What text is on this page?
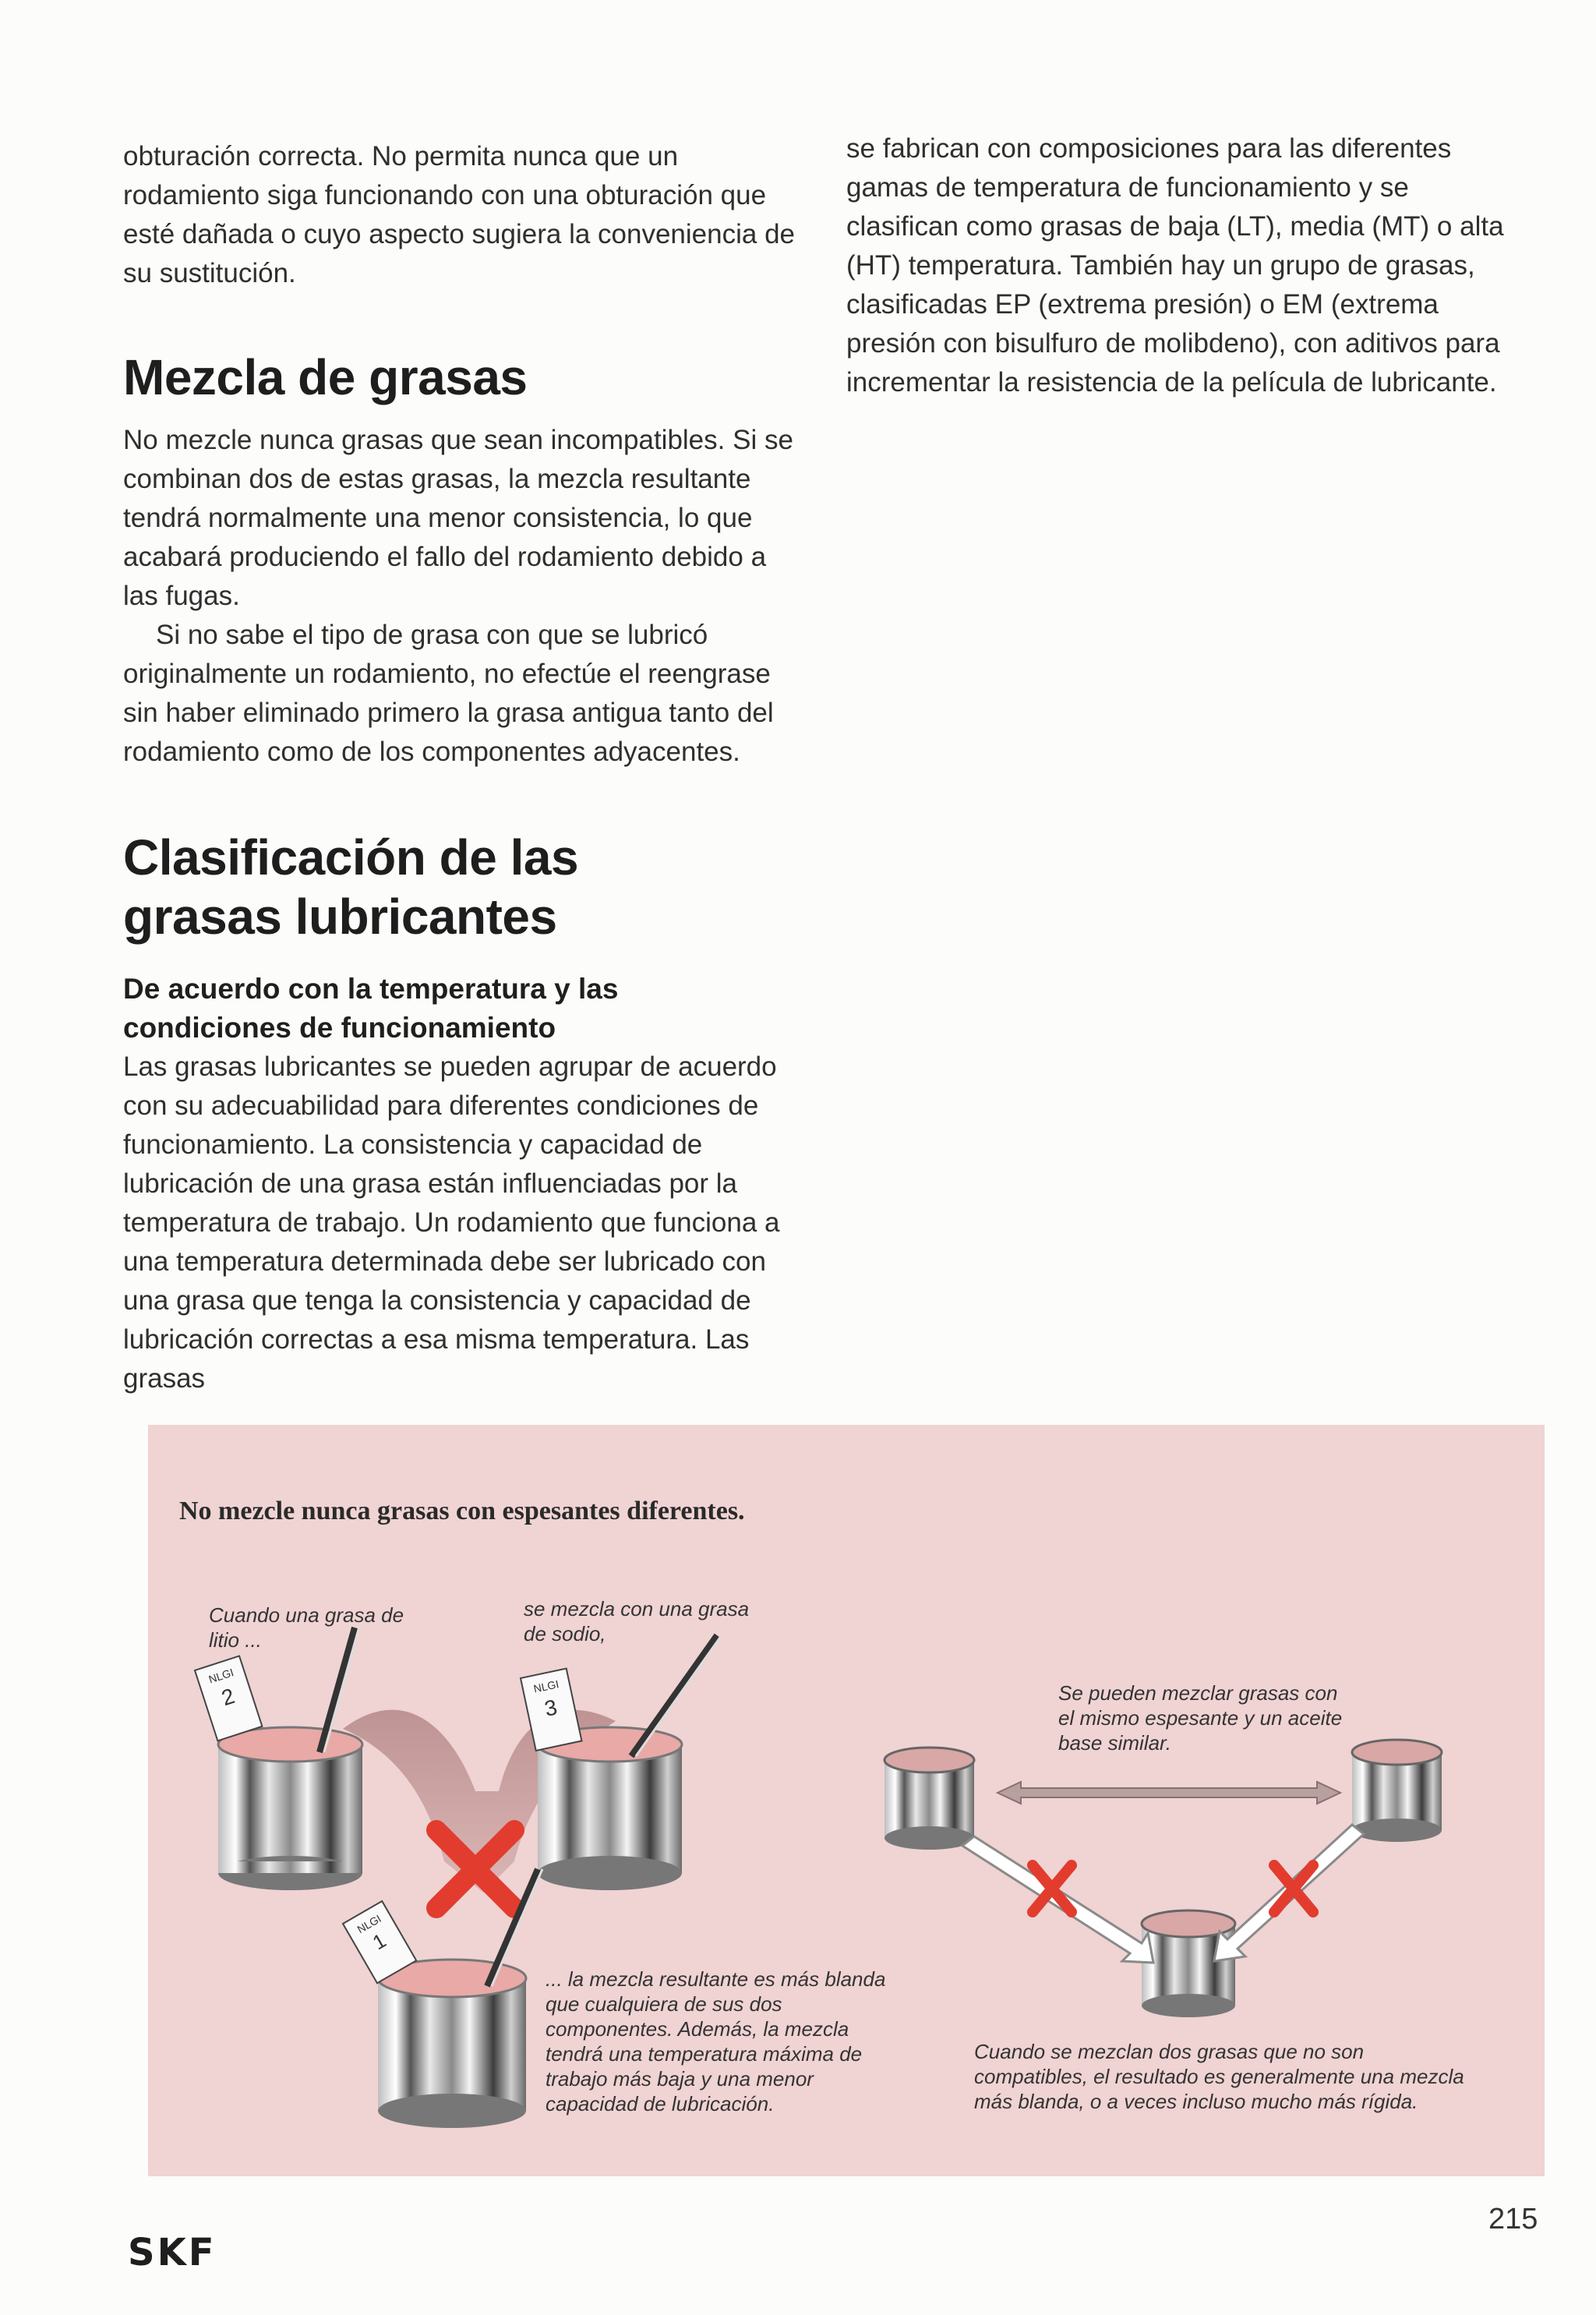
obturación correcta. No permita nunca que un rodamiento siga funcionando con una obturación que esté dañada o cuyo aspecto sugiera la conveniencia de su sustitución.

Mezcla de grasas

No mezcle nunca grasas que sean incompatibles. Si se combinan dos de estas grasas, la mezcla resultante tendrá normalmente una menor consistencia, lo que acabará produciendo el fallo del rodamiento debido a las fugas.

Si no sabe el tipo de grasa con que se lubricó originalmente un rodamiento, no efectúe el reengrase sin haber eliminado primero la grasa antigua tanto del rodamiento como de los componentes adyacentes.

Clasificación de las grasas lubricantes
De acuerdo con la temperatura y las condiciones de funcionamiento

Las grasas lubricantes se pueden agrupar de acuerdo con su adecuabilidad para diferentes condiciones de funcionamiento. La consistencia y capacidad de lubricación de una grasa están influenciadas por la temperatura de trabajo. Un rodamiento que funciona a una temperatura determinada debe ser lubricado con una grasa que tenga la consistencia y capacidad de lubricación correctas a esa misma temperatura. Las grasas

se fabrican con composiciones para las diferentes gamas de temperatura de funcionamiento y se clasifican como grasas de baja (LT), media (MT) o alta (HT) temperatura. También hay un grupo de grasas, clasificadas EP (extrema presión) o EM (extrema presión con bisulfuro de molibdeno), con aditivos para incrementar la resistencia de la película de lubricante.

NLGI
2	NLGI
3
NLGI
1
No mezcle nunca grasas con espesantes diferentes.
Cuando una grasa de litio ...
se mezcla con una grasa de sodio,
... la mezcla resultante es más blanda que cualquiera de sus dos componentes. Además, la mezcla tendrá una temperatura máxima de trabajo más baja y una menor capacidad de lubricación.
Se pueden mezclar grasas con el mismo espesante y un aceite base similar.
Cuando se mezclan dos grasas que no son compatibles, el resultado es generalmente una mezcla más blanda, o a veces incluso mucho más rígida.
SKF
215
